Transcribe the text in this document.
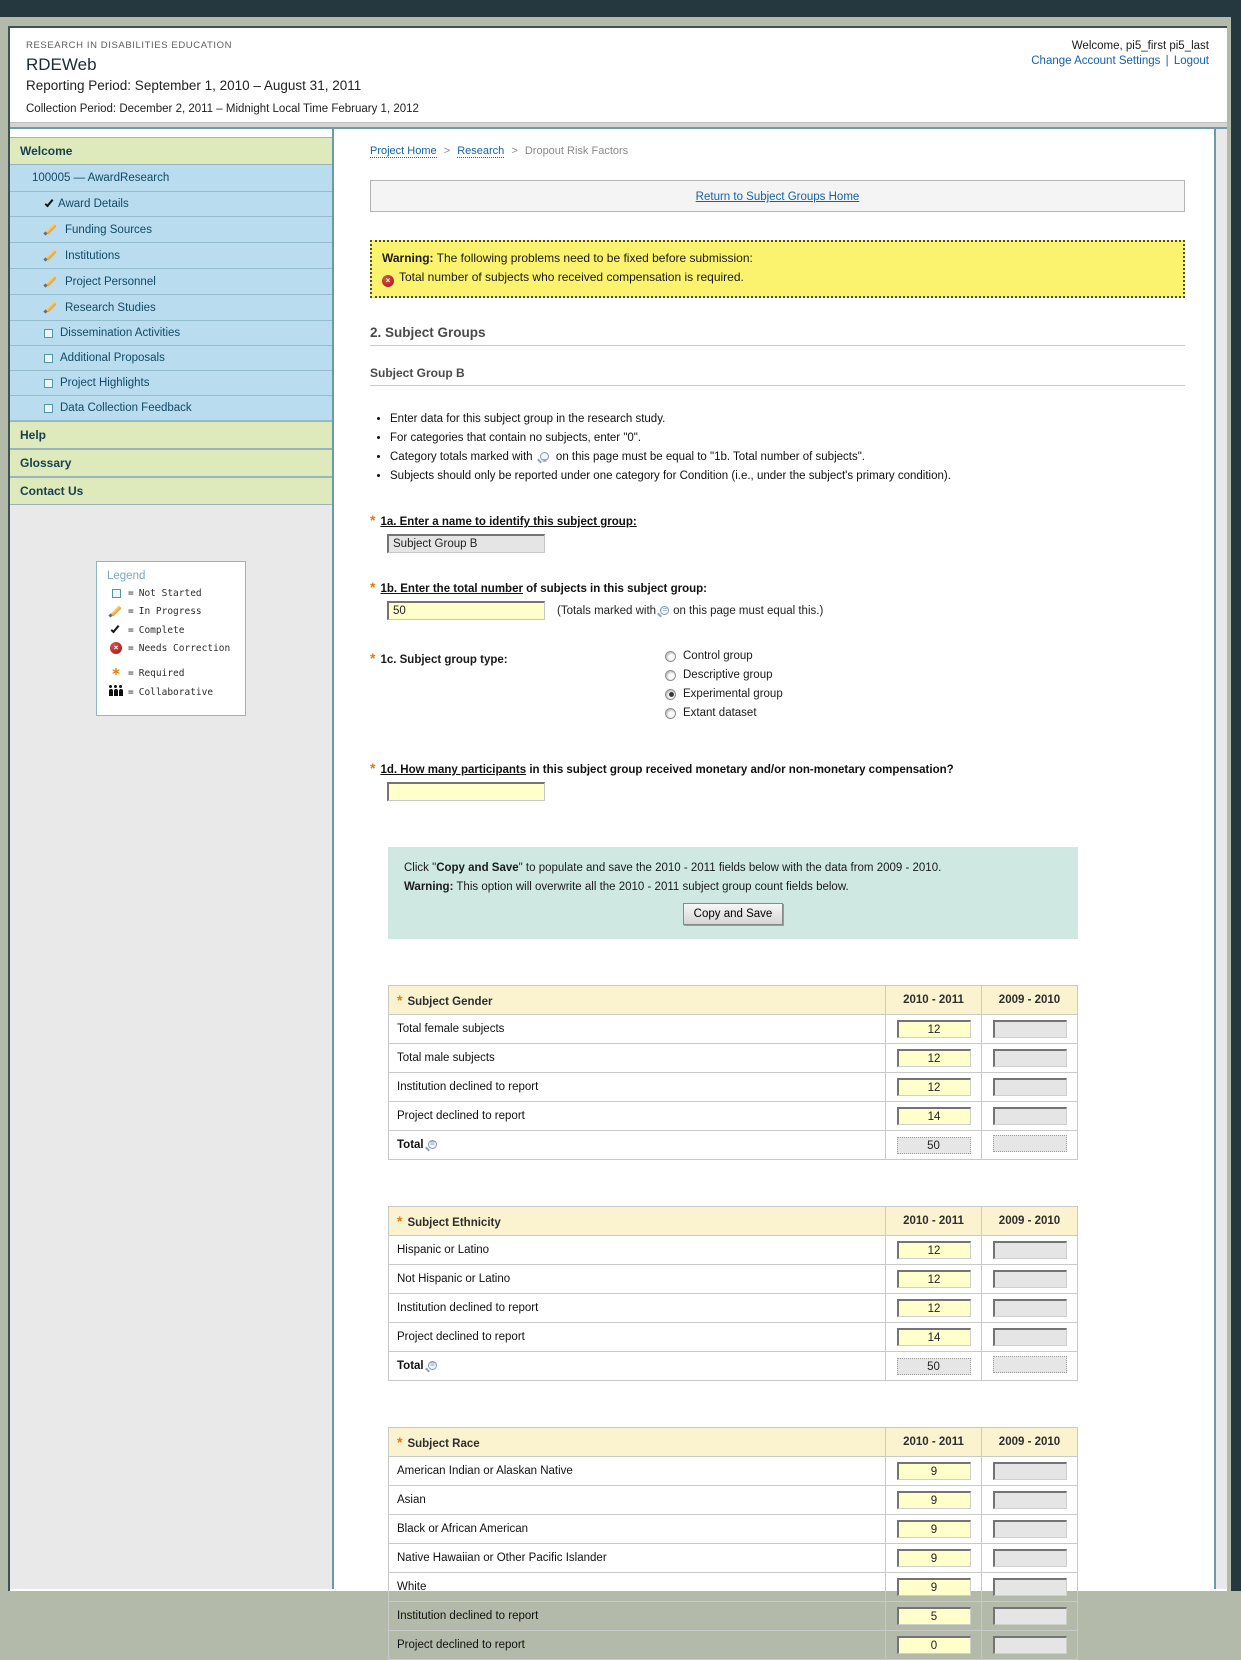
RESEARCH IN DISABILITIES EDUCATION
RDEWeb
Reporting Period: September 1, 2010 – August 31, 2011
Collection Period: December 2, 2011 – Midnight Local Time February 1, 2012
Welcome, pi5_first pi5_last
Change Account Settings | Logout
Welcome
100005 — AwardResearch
Award Details
Funding Sources
Institutions
Project Personnel
Research Studies
Dissemination Activities
Additional Proposals
Project Highlights
Data Collection Feedback
Help
Glossary
Contact Us
Legend
= Not Started
= In Progress
= Complete
×
= Needs Correction
* = Required
= Collaborative
Project Home > Research > Dropout Risk Factors
Return to Subject Groups Home
Warning: The following problems need to be fixed before submission:
×Total number of subjects who received compensation is required.
2. Subject Groups
Subject Group B
• Enter data for this subject group in the research study.
• For categories that contain no subjects, enter "0".
• Category totals marked with = on this page must be equal to "1b. Total number of subjects".
• Subjects should only be reported under one category for Condition (i.e., under the subject's primary condition).
* 1a. Enter a name to identify this subject group:
Subject Group B
* 1b. Enter the total number of subjects in this subject group:
50(Totals marked with = on this page must equal this.)
* 1c. Subject group type:	Control group
Descriptive group
Experimental group
Extant dataset
* 1d. How many participants in this subject group received monetary and/or non-monetary compensation?
Click "Copy and Save" to populate and save the 2010 - 2011 fields below with the data from 2009 - 2010.
Warning: This option will overwrite all the 2010 - 2011 subject group count fields below.
Copy and Save
* Subject Gender	2010 - 2011	2009 - 2010
Total female subjects	12	
Total male subjects	12	
Institution declined to report	12	
Project declined to report	14	
Total=	50	
* Subject Ethnicity	2010 - 2011	2009 - 2010
Hispanic or Latino	12	
Not Hispanic or Latino	12	
Institution declined to report	12	
Project declined to report	14	
Total=	50	
* Subject Race	2010 - 2011	2009 - 2010
American Indian or Alaskan Native	9	
Asian	9	
Black or African American	9	
Native Hawaiian or Other Pacific Islander	9	
White	9	
Institution declined to report	5	
Project declined to report	0	
